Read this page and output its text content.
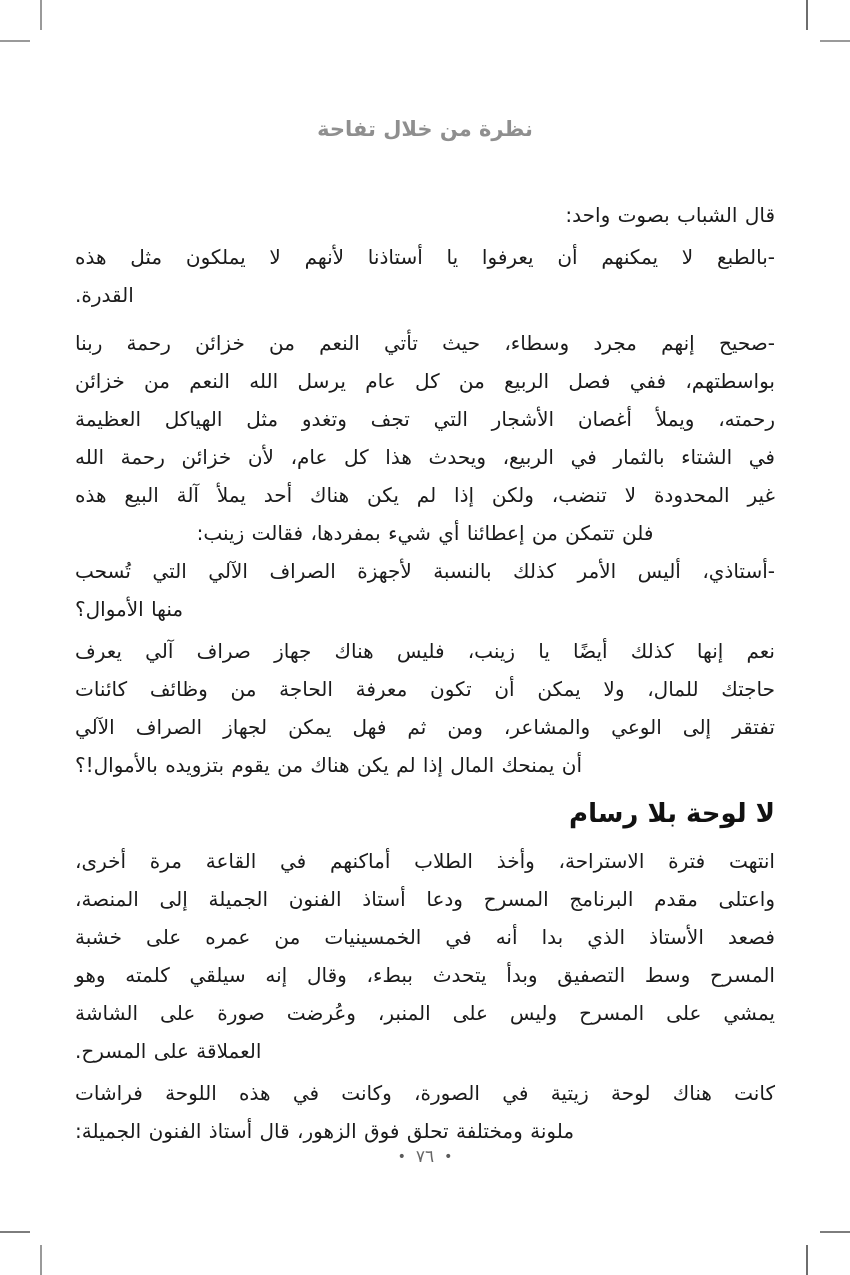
نظرة من خلال تفاحة
قال الشباب بصوت واحد:
-بالطبع لا يمكنهم أن يعرفوا يا أستاذنا لأنهم لا يملكون مثل هذه
القدرة.
-صحيح إنهم مجرد وسطاء، حيث تأتي النعم من خزائن رحمة ربنا
بواسطتهم، ففي فصل الربيع من كل عام يرسل الله النعم من خزائن
رحمته، ويملأ أغصان الأشجار التي تجف وتغدو مثل الهياكل العظيمة
في الشتاء بالثمار في الربيع، ويحدث هذا كل عام، لأن خزائن رحمة الله
غير المحدودة لا تنضب، ولكن إذا لم يكن هناك أحد يملأ آلة البيع هذه
فلن تتمكن من إعطائنا أي شيء بمفردها، فقالت زينب:
-أستاذي، أليس الأمر كذلك بالنسبة لأجهزة الصراف الآلي التي تُسحب
منها الأموال؟
نعم إنها كذلك أيضًا يا زينب، فليس هناك جهاز صراف آلي يعرف
حاجتك للمال، ولا يمكن أن تكون معرفة الحاجة من وظائف كائنات
تفتقر إلى الوعي والمشاعر، ومن ثم فهل يمكن لجهاز الصراف الآلي
أن يمنحك المال إذا لم يكن هناك من يقوم بتزويده بالأموال!؟
لا لوحة بلا رسام
انتهت فترة الاستراحة، وأخذ الطلاب أماكنهم في القاعة مرة أخرى،
واعتلى مقدم البرنامج المسرح ودعا أستاذ الفنون الجميلة إلى المنصة،
فصعد الأستاذ الذي بدا أنه في الخمسينيات من عمره على خشبة
المسرح وسط التصفيق وبدأ يتحدث ببطء، وقال إنه سيلقي كلمته وهو
يمشي على المسرح وليس على المنبر، وعُرضت صورة على الشاشة
العملاقة على المسرح.
كانت هناك لوحة زيتية في الصورة، وكانت في هذه اللوحة فراشات
ملونة ومختلفة تحلق فوق الزهور، قال أستاذ الفنون الجميلة:
•٧٦•
